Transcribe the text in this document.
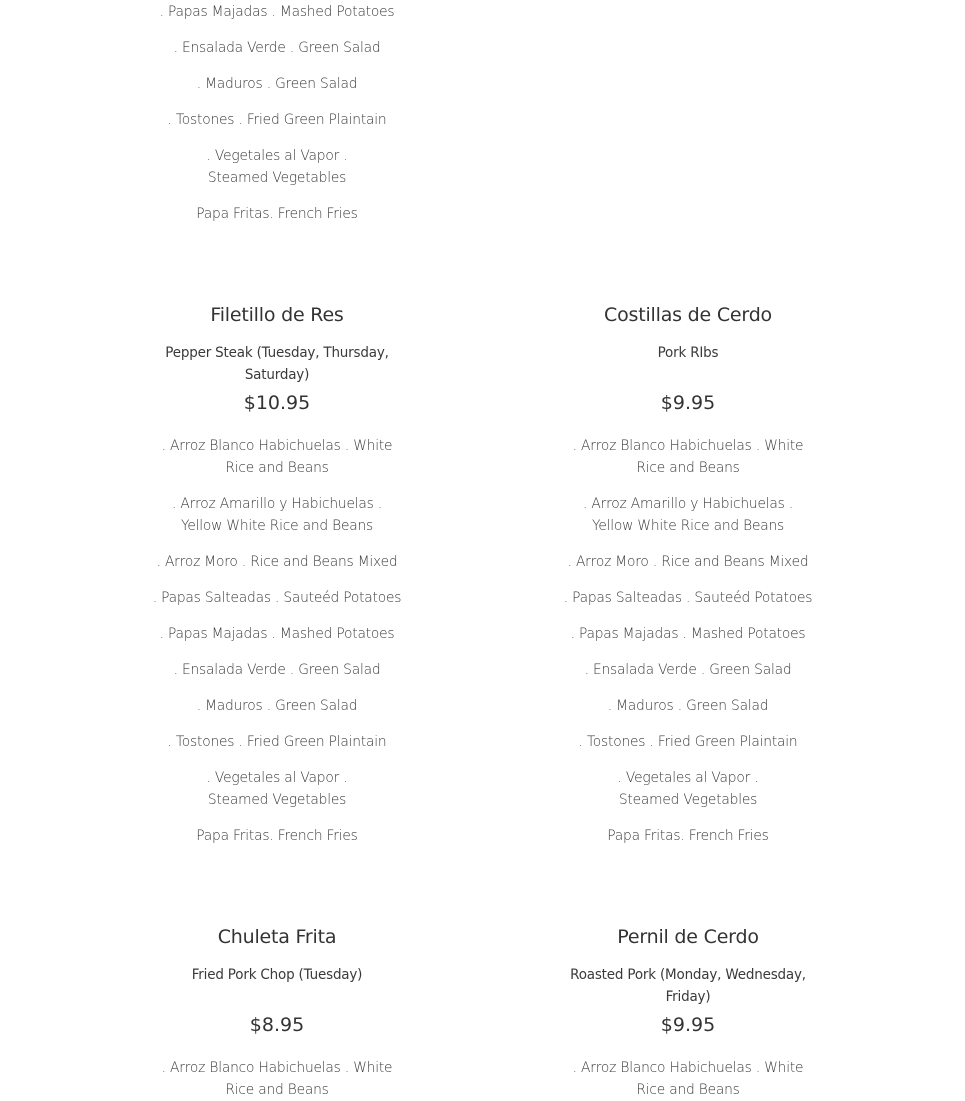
. Papas Majadas . Mashed Potatoes
. Ensalada Verde . Green Salad
. Maduros . Green Salad
. Tostones . Fried Green Plaintain
. Vegetales al Vapor . Steamed Vegetables
Papa Fritas. French Fries
Filetillo de Res
Pepper Steak (Tuesday, Thursday, Saturday)
$10.95
. Arroz Blanco Habichuelas . White Rice and Beans
. Arroz Amarillo y Habichuelas . Yellow White Rice and Beans
. Arroz Moro . Rice and Beans Mixed
. Papas Salteadas . Sauteéd Potatoes
. Papas Majadas . Mashed Potatoes
. Ensalada Verde . Green Salad
. Maduros . Green Salad
. Tostones . Fried Green Plaintain
. Vegetales al Vapor . Steamed Vegetables
Papa Fritas. French Fries
Costillas de Cerdo
Pork RIbs
$9.95
. Arroz Blanco Habichuelas . White Rice and Beans
. Arroz Amarillo y Habichuelas . Yellow White Rice and Beans
. Arroz Moro . Rice and Beans Mixed
. Papas Salteadas . Sauteéd Potatoes
. Papas Majadas . Mashed Potatoes
. Ensalada Verde . Green Salad
. Maduros . Green Salad
. Tostones . Fried Green Plaintain
. Vegetales al Vapor . Steamed Vegetables
Papa Fritas. French Fries
Chuleta Frita
Fried Pork Chop (Tuesday)
$8.95
. Arroz Blanco Habichuelas . White Rice and Beans
Pernil de Cerdo
Roasted Pork (Monday, Wednesday, Friday)
$9.95
. Arroz Blanco Habichuelas . White Rice and Beans
